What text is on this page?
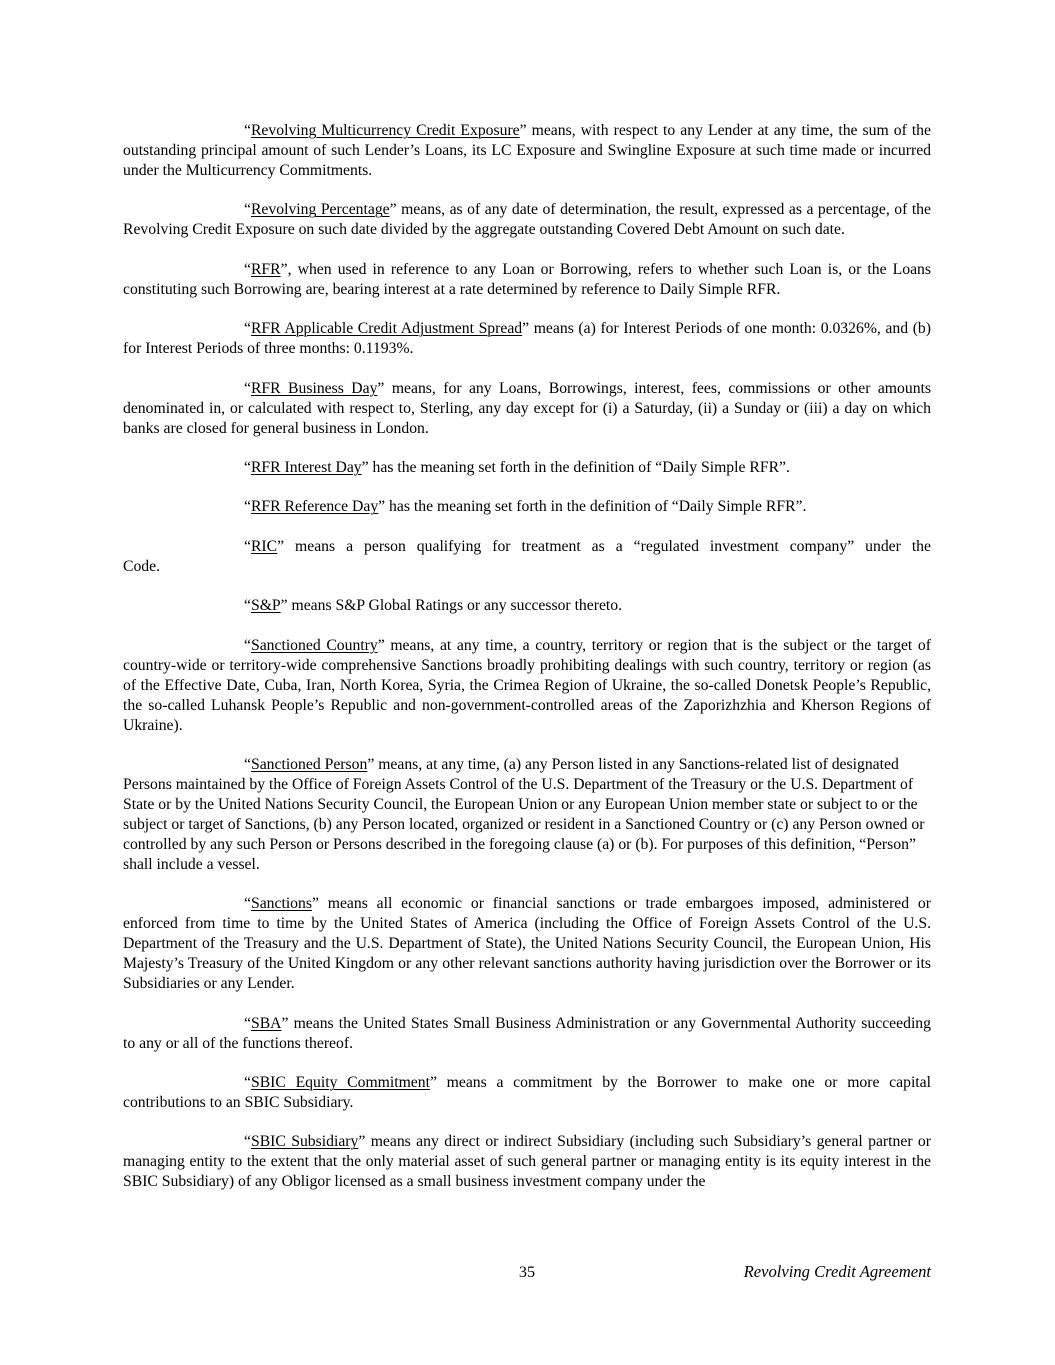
“Revolving Multicurrency Credit Exposure” means, with respect to any Lender at any time, the sum of the outstanding principal amount of such Lender’s Loans, its LC Exposure and Swingline Exposure at such time made or incurred under the Multicurrency Commitments.

“Revolving Percentage” means, as of any date of determination, the result, expressed as a percentage, of the Revolving Credit Exposure on such date divided by the aggregate outstanding Covered Debt Amount on such date.

“RFR”, when used in reference to any Loan or Borrowing, refers to whether such Loan is, or the Loans constituting such Borrowing are, bearing interest at a rate determined by reference to Daily Simple RFR.

“RFR Applicable Credit Adjustment Spread” means (a) for Interest Periods of one month: 0.0326%, and (b) for Interest Periods of three months: 0.1193%.

“RFR Business Day” means, for any Loans, Borrowings, interest, fees, commissions or other amounts denominated in, or calculated with respect to, Sterling, any day except for (i) a Saturday, (ii) a Sunday or (iii) a day on which banks are closed for general business in London.

“RFR Interest Day” has the meaning set forth in the definition of “Daily Simple RFR”.

“RFR Reference Day” has the meaning set forth in the definition of “Daily Simple RFR”.

“RIC” means a person qualifying for treatment as a “regulated investment company” under the
Code.

“S&P” means S&P Global Ratings or any successor thereto.

“Sanctioned Country” means, at any time, a country, territory or region that is the subject or the target of country-wide or territory-wide comprehensive Sanctions broadly prohibiting dealings with such country, territory or region (as of the Effective Date, Cuba, Iran, North Korea, Syria, the Crimea Region of Ukraine, the so-called Donetsk People’s Republic, the so-called Luhansk People’s Republic and non-government-controlled areas of the Zaporizhzhia and Kherson Regions of Ukraine).

“Sanctioned Person” means, at any time, (a) any Person listed in any Sanctions-related list of designated Persons maintained by the Office of Foreign Assets Control of the U.S. Department of the Treasury or the U.S. Department of State or by the United Nations Security Council, the European Union or any European Union member state or subject to or the subject or target of Sanctions, (b) any Person located, organized or resident in a Sanctioned Country or (c) any Person owned or controlled by any such Person or Persons described in the foregoing clause (a) or (b). For purposes of this definition, “Person” shall include a vessel.

“Sanctions” means all economic or financial sanctions or trade embargoes imposed, administered or enforced from time to time by the United States of America (including the Office of Foreign Assets Control of the U.S. Department of the Treasury and the U.S. Department of State), the United Nations Security Council, the European Union, His Majesty’s Treasury of the United Kingdom or any other relevant sanctions authority having jurisdiction over the Borrower or its Subsidiaries or any Lender.

“SBA” means the United States Small Business Administration or any Governmental Authority succeeding to any or all of the functions thereof.

“SBIC Equity Commitment” means a commitment by the Borrower to make one or more capital contributions to an SBIC Subsidiary.

“SBIC Subsidiary” means any direct or indirect Subsidiary (including such Subsidiary’s general partner or managing entity to the extent that the only material asset of such general partner or managing entity is its equity interest in the SBIC Subsidiary) of any Obligor licensed as a small business investment company under the

35	Revolving Credit Agreement
